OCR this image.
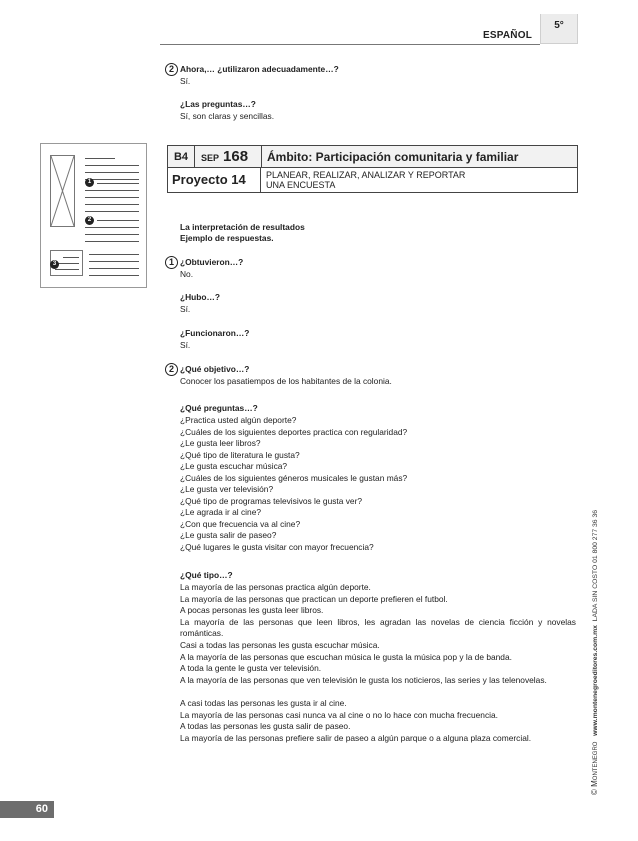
ESPAÑOL
5°
2 Ahora,… ¿utilizaron adecuadamente…?
Sí.
¿Las preguntas…?
Sí, son claras y sencillas.
1
2
3
B4	SEP 168	Ámbito: Participación comunitaria y familiar
Proyecto 14	PLANEAR, REALIZAR, ANALIZAR Y REPORTAR
UNA ENCUESTA
La interpretación de resultados
Ejemplo de respuestas.
1 ¿Obtuvieron…?
No.
¿Hubo…?
Sí.
¿Funcionaron…?
Sí.
2 ¿Qué objetivo…?
Conocer los pasatiempos de los habitantes de la colonia.
¿Qué preguntas…?
¿Practica usted algún deporte?
¿Cuáles de los siguientes deportes practica con regularidad?
¿Le gusta leer libros?
¿Qué tipo de literatura le gusta?
¿Le gusta escuchar música?
¿Cuáles de los siguientes géneros musicales le gustan más?
¿Le gusta ver televisión?
¿Qué tipo de programas televisivos le gusta ver?
¿Le agrada ir al cine?
¿Con que frecuencia va al cine?
¿Le gusta salir de paseo?
¿Qué lugares le gusta visitar con mayor frecuencia?
¿Qué tipo…?
La mayoría de las personas practica algún deporte.
La mayoría de las personas que practican un deporte prefieren el futbol.
A pocas personas les gusta leer libros.
La mayoría de las personas que leen libros, les agradan las novelas de ciencia ficción y novelas románticas.
Casi a todas las personas les gusta escuchar música.
A la mayoría de las personas que escuchan música le gusta la música pop y la de banda.
A toda la gente le gusta ver televisión.
A la mayoría de las personas que ven televisión le gusta los noticieros, las series y las telenovelas.
A casi todas las personas les gusta ir al cine.
La mayoría de las personas casi nunca va al cine o no lo hace con mucha frecuencia.
A todas las personas les gusta salir de paseo.
La mayoría de las personas prefiere salir de paseo a algún parque o a alguna plaza comercial.
© Montenegro   www.montenegroeditores.com.mx  LADA SIN COSTO 01 800 277 36 36
60
